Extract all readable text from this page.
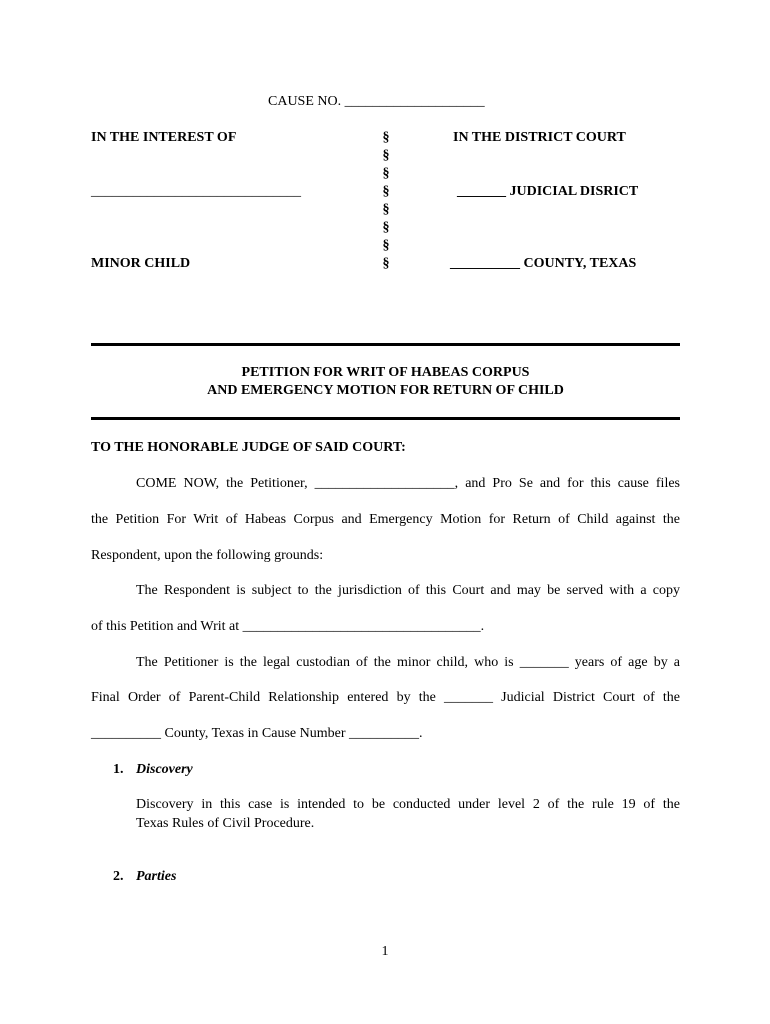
CAUSE NO. ____________________
IN THE INTEREST OF
______________________________
MINOR CHILD
§
§
§
§
§
§
§
§
IN THE DISTRICT COURT
_______ JUDICIAL DISRICT
__________ COUNTY, TEXAS
PETITION FOR WRIT OF HABEAS CORPUS
AND EMERGENCY MOTION FOR RETURN OF CHILD
TO THE HONORABLE JUDGE OF SAID COURT:
COME NOW, the Petitioner, ____________________, and Pro Se and for this cause files
the Petition For Writ of Habeas Corpus and Emergency Motion for Return of Child against the
Respondent, upon the following grounds:
The Respondent is subject to the jurisdiction of this Court and may be served with a copy
of this Petition and Writ at __________________________________.
The Petitioner is the legal custodian of the minor child, who is _______ years of age by a
Final Order of Parent-Child Relationship entered by the _______ Judicial District Court of the
__________ County, Texas in Cause Number __________.
1. Discovery
Discovery in this case is intended to be conducted under level 2 of the rule 19 of the
Texas Rules of Civil Procedure.
2. Parties
1
